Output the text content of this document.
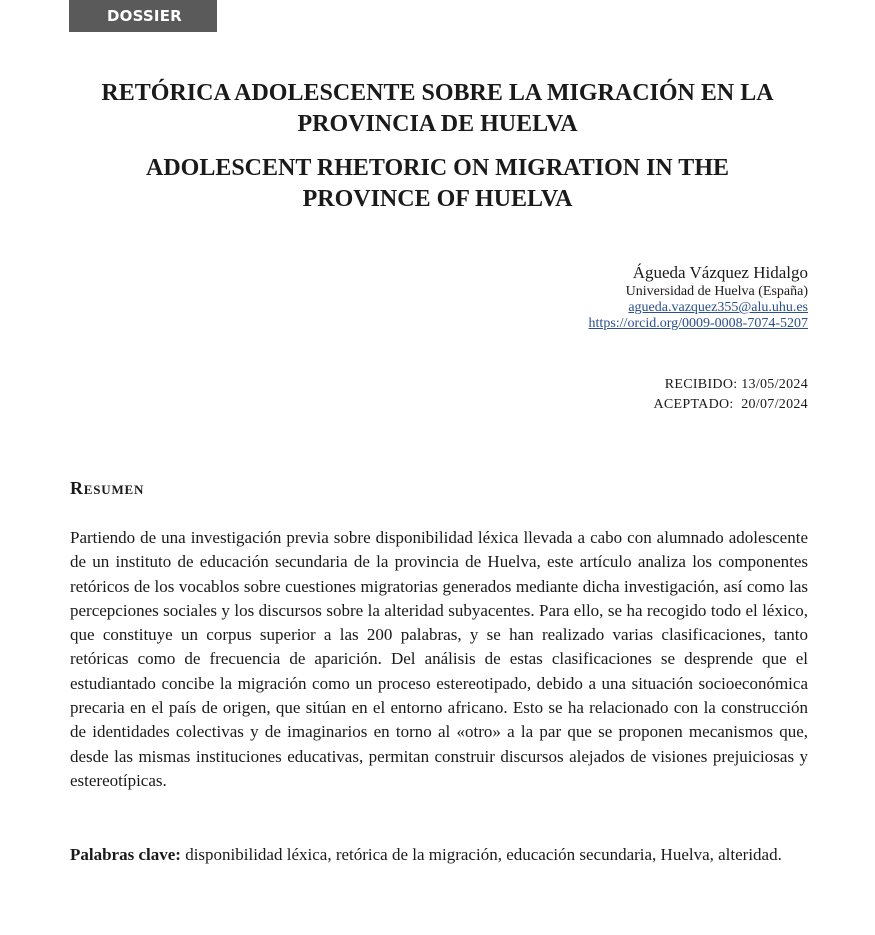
DOSSIER
RETÓRICA ADOLESCENTE SOBRE LA MIGRACIÓN EN LA
PROVINCIA DE HUELVA
ADOLESCENT RHETORIC ON MIGRATION IN THE
PROVINCE OF HUELVA
Águeda Vázquez Hidalgo
Universidad de Huelva (España)
agueda.vazquez355@alu.uhu.es
https://orcid.org/0009-0008-7074-5207
RECIBIDO: 13/05/2024
ACEPTADO:  20/07/2024
Resumen

Partiendo de una investigación previa sobre disponibilidad léxica llevada a cabo con alumnado adolescente de un instituto de educación secundaria de la provincia de Huelva, este artículo analiza los componentes retóricos de los vocablos sobre cuestiones migratorias generados mediante dicha investigación, así como las percepciones sociales y los discursos sobre la alteridad subyacentes. Para ello, se ha recogido todo el léxico, que constituye un corpus superior a las 200 palabras, y se han realizado varias clasificaciones, tanto retóricas como de frecuencia de aparición. Del análisis de estas clasificaciones se desprende que el estudiantado concibe la migración como un proceso estereotipado, debido a una situación socioeconómica precaria en el país de origen, que sitúan en el entorno africano. Esto se ha relacionado con la construcción de identidades colectivas y de imaginarios en torno al «otro» a la par que se proponen mecanismos que, desde las mismas instituciones educativas, permitan construir discursos alejados de visiones prejuiciosas y estereotípicas.

Palabras clave: disponibilidad léxica, retórica de la migración, educación secundaria, Huelva, alteridad.
